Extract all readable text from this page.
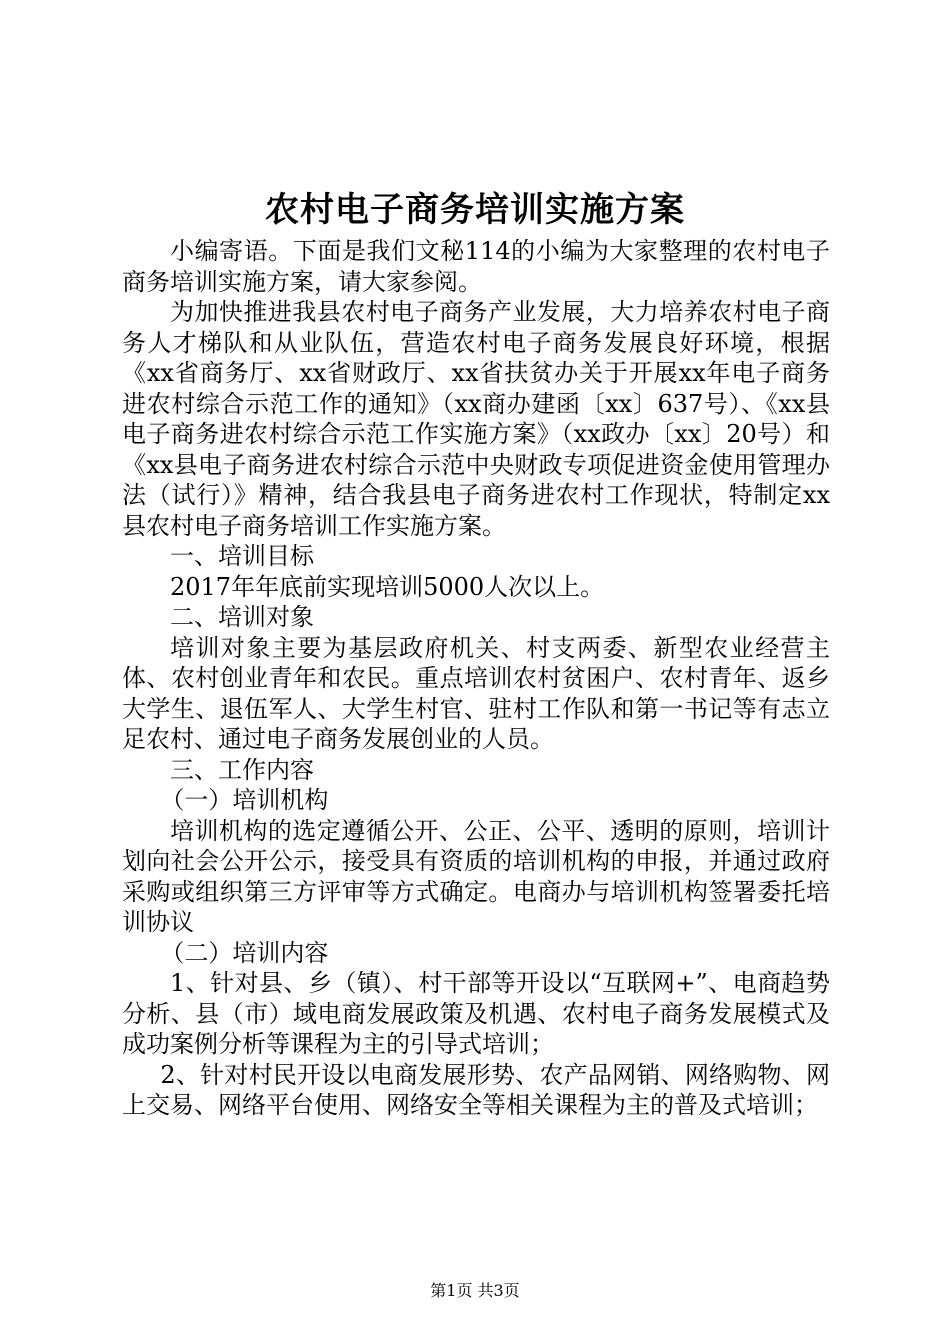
农村电子商务培训实施方案

小编寄语。下面是我们文秘114的小编为大家整理的农村电子商务培训实施方案，请大家参阅。

为加快推进我县农村电子商务产业发展，大力培养农村电子商务人才梯队和从业队伍，营造农村电子商务发展良好环境，根据《xx省商务厅、xx省财政厅、xx省扶贫办关于开展xx年电子商务进农村综合示范工作的通知》（xx商办建函〔xx〕637号）、《xx县电子商务进农村综合示范工作实施方案》（xx政办〔xx〕20号）和《xx县电子商务进农村综合示范中央财政专项促进资金使用管理办法（试行）》精神，结合我县电子商务进农村工作现状，特制定xx县农村电子商务培训工作实施方案。

一、培训目标

2017年年底前实现培训5000人次以上。

二、培训对象

培训对象主要为基层政府机关、村支两委、新型农业经营主体、农村创业青年和农民。重点培训农村贫困户、农村青年、返乡大学生、退伍军人、大学生村官、驻村工作队和第一书记等有志立足农村、通过电子商务发展创业的人员。

三、工作内容

（一）培训机构

培训机构的选定遵循公开、公正、公平、透明的原则，培训计划向社会公开公示，接受具有资质的培训机构的申报，并通过政府采购或组织第三方评审等方式确定。电商办与培训机构签署委托培训协议

（二）培训内容

1、针对县、乡（镇）、村干部等开设以“互联网+”、电商趋势分析、县（市）域电商发展政策及机遇、农村电子商务发展模式及成功案例分析等课程为主的引导式培训；

2、针对村民开设以电商发展形势、农产品网销、网络购物、网上交易、网络平台使用、网络安全等相关课程为主的普及式培训；

第1页 共3页
